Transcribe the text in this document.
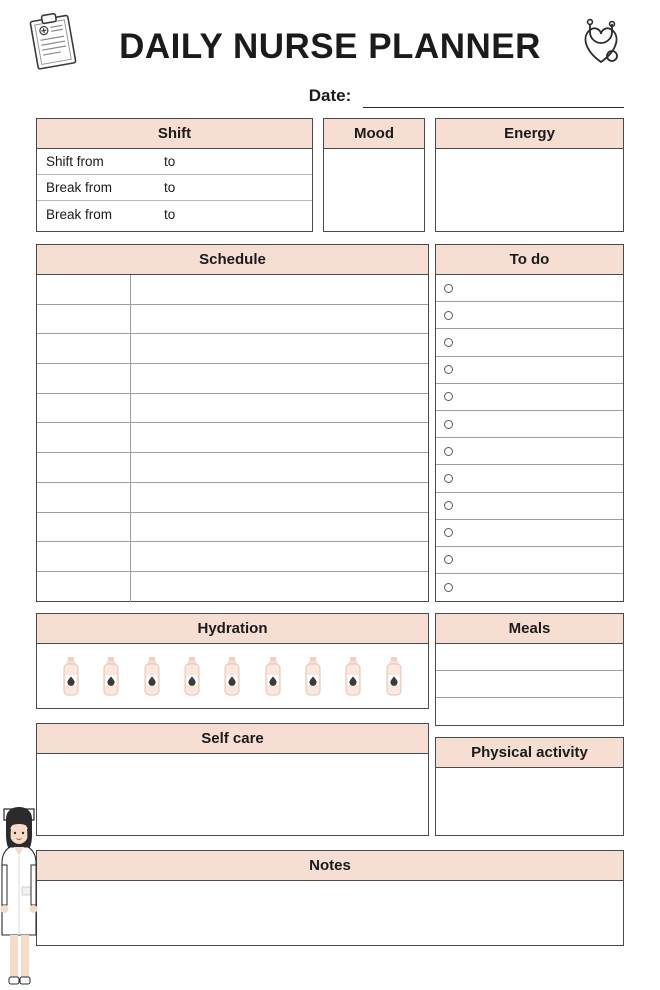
DAILY NURSE PLANNER
Date:
Shift
Shift from	to
Break from	to
Break from	to
Mood	Energy
Schedule	To do
Hydration	Meals
Self care
Physical activity
Notes
